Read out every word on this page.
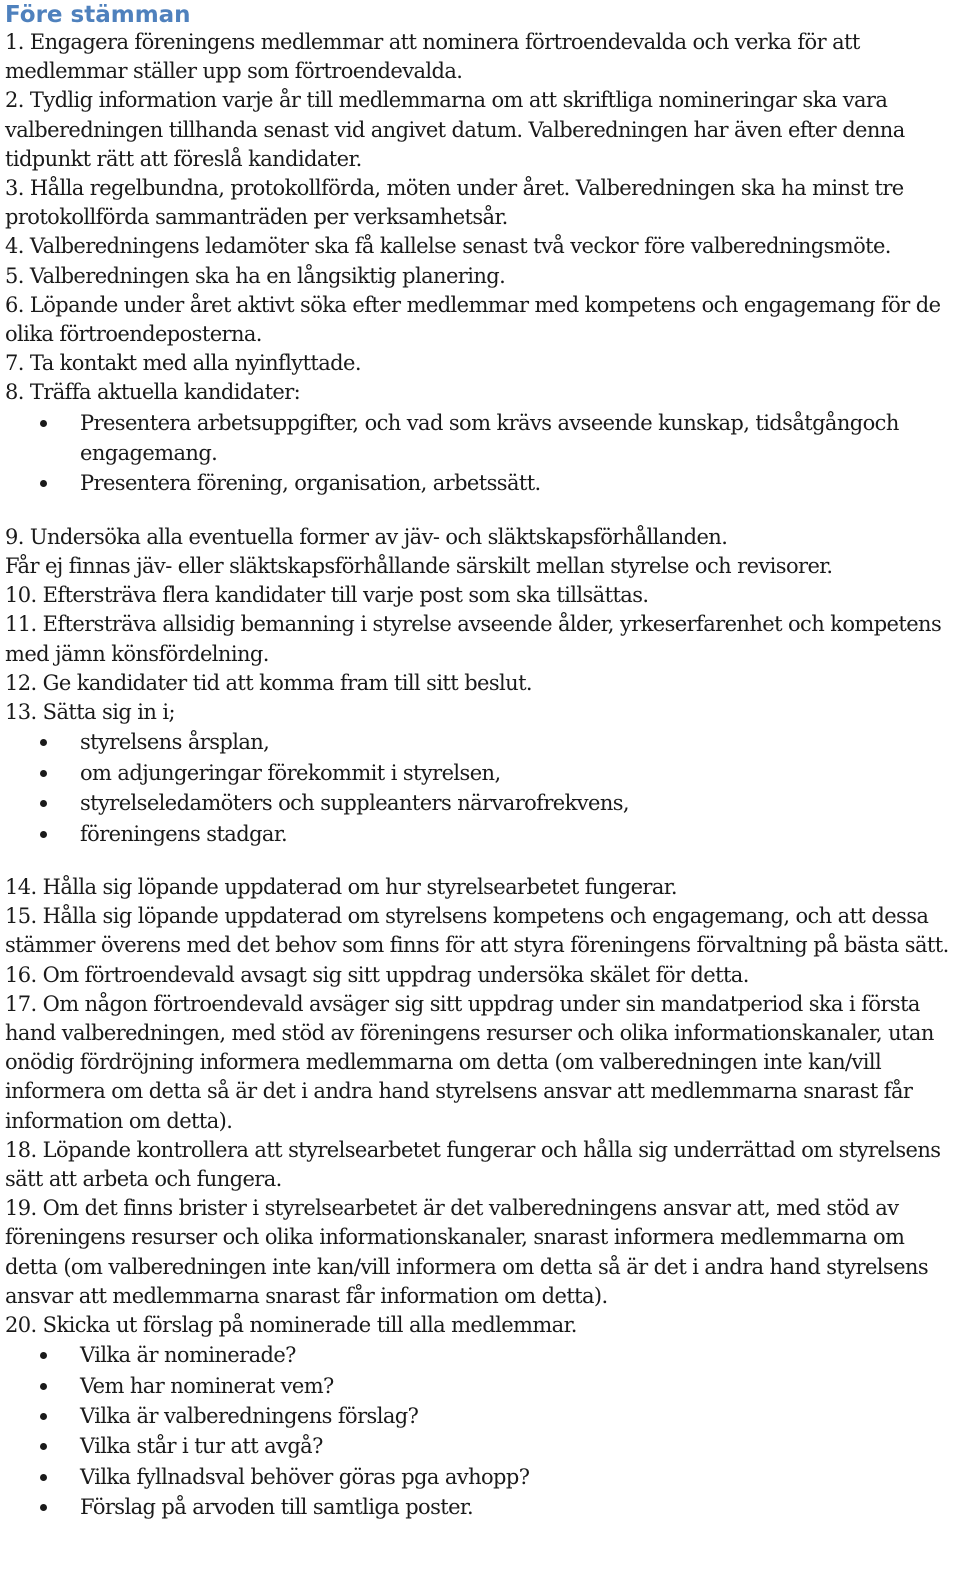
Före stämman

1. Engagera föreningens medlemmar att nominera förtroendevalda och verka för att medlemmar ställer upp som förtroendevalda.

2. Tydlig information varje år till medlemmarna om att skriftliga nomineringar ska vara valberedningen tillhanda senast vid angivet datum. Valberedningen har även efter denna tidpunkt rätt att föreslå kandidater.

3. Hålla regelbundna, protokollförda, möten under året. Valberedningen ska ha minst tre protokollförda sammanträden per verksamhetsår.

4. Valberedningens ledamöter ska få kallelse senast två veckor före valberedningsmöte.

5. Valberedningen ska ha en långsiktig planering.

6. Löpande under året aktivt söka efter medlemmar med kompetens och engagemang för de olika förtroendeposterna.

7. Ta kontakt med alla nyinflyttade.

8. Träffa aktuella kandidater:

Presentera arbetsuppgifter, och vad som krävs avseende kunskap, tidsåtgångoch engagemang.
Presentera förening, organisation, arbetssätt.

9. Undersöka alla eventuella former av jäv- och släktskapsförhållanden.

Får ej finnas jäv- eller släktskapsförhållande särskilt mellan styrelse och revisorer.

10. Eftersträva flera kandidater till varje post som ska tillsättas.

11. Eftersträva allsidig bemanning i styrelse avseende ålder, yrkeserfarenhet och kompetens med jämn könsfördelning.

12. Ge kandidater tid att komma fram till sitt beslut.

13. Sätta sig in i;

styrelsens årsplan,
om adjungeringar förekommit i styrelsen,
styrelseledamöters och suppleanters närvarofrekvens,
föreningens stadgar.

14. Hålla sig löpande uppdaterad om hur styrelsearbetet fungerar.

15. Hålla sig löpande uppdaterad om styrelsens kompetens och engagemang, och att dessa stämmer överens med det behov som finns för att styra föreningens förvaltning på bästa sätt.

16. Om förtroendevald avsagt sig sitt uppdrag undersöka skälet för detta.

17. Om någon förtroendevald avsäger sig sitt uppdrag under sin mandatperiod ska i första hand valberedningen, med stöd av föreningens resurser och olika informationskanaler, utan onödig fördröjning informera medlemmarna om detta (om valberedningen inte kan/vill informera om detta så är det i andra hand styrelsens ansvar att medlemmarna snarast får information om detta).

18. Löpande kontrollera att styrelsearbetet fungerar och hålla sig underrättad om styrelsens sätt att arbeta och fungera.

19. Om det finns brister i styrelsearbetet är det valberedningens ansvar att, med stöd av föreningens resurser och olika informationskanaler, snarast informera medlemmarna om detta (om valberedningen inte kan/vill informera om detta så är det i andra hand styrelsens ansvar att medlemmarna snarast får information om detta).

20. Skicka ut förslag på nominerade till alla medlemmar.

Vilka är nominerade?
Vem har nominerat vem?
Vilka är valberedningens förslag?
Vilka står i tur att avgå?
Vilka fyllnadsval behöver göras pga avhopp?
Förslag på arvoden till samtliga poster.
